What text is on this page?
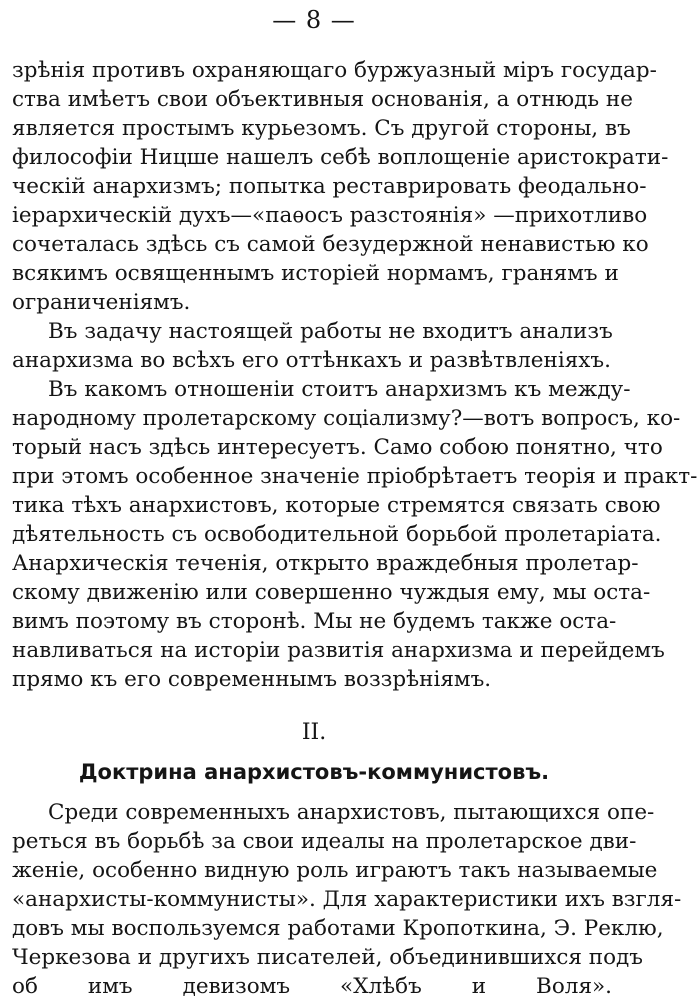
— 8 —
зрѣнія противъ охраняющаго буржуазный міръ государ-
ства имѣетъ свои объективныя основанія, а отнюдь не
является простымъ курьезомъ. Съ другой стороны, въ
философіи Ницше нашелъ себѣ воплощеніе аристократи-
ческій анархизмъ; попытка реставрировать феодально-
іерархическій духъ—«паѳосъ разстоянія» —прихотливо
сочеталась здѣсь съ самой безудержной ненавистью ко
всякимъ освященнымъ исторіей нормамъ, гранямъ и
ограниченіямъ.
Въ задачу настоящей работы не входитъ анализъ
анархизма во всѣхъ его оттѣнкахъ и развѣтвленіяхъ.
Въ какомъ отношеніи стоитъ анархизмъ къ между-
народному пролетарскому соціализму?—вотъ вопросъ, ко-
торый насъ здѣсь интересуетъ. Само собою понятно, что
при этомъ особенное значеніе пріобрѣтаетъ теорія и практ-
тика тѣхъ анархистовъ, которые стремятся связать свою
дѣятельность съ освободительной борьбой пролетаріата.
Анархическія теченія, открыто враждебныя пролетар-
скому движенію или совершенно чуждыя ему, мы оста-
вимъ поэтому въ сторонѣ. Мы не будемъ также оста-
навливаться на исторіи развитія анархизма и перейдемъ
прямо къ его современнымъ воззрѣніямъ.
II.
Доктрина анархистовъ-коммунистовъ.
Среди современныхъ анархистовъ, пытающихся опе-
реться въ борьбѣ за свои идеалы на пролетарское дви-
женіе, особенно видную роль играютъ такъ называемые
«анархисты-коммунисты». Для характеристики ихъ взгля-
довъ мы воспользуемся работами Кропоткина, Э. Реклю,
Черкезова и другихъ писателей, объединившихся подъ
об имъ девизомъ «Хлѣбъ и Воля».
